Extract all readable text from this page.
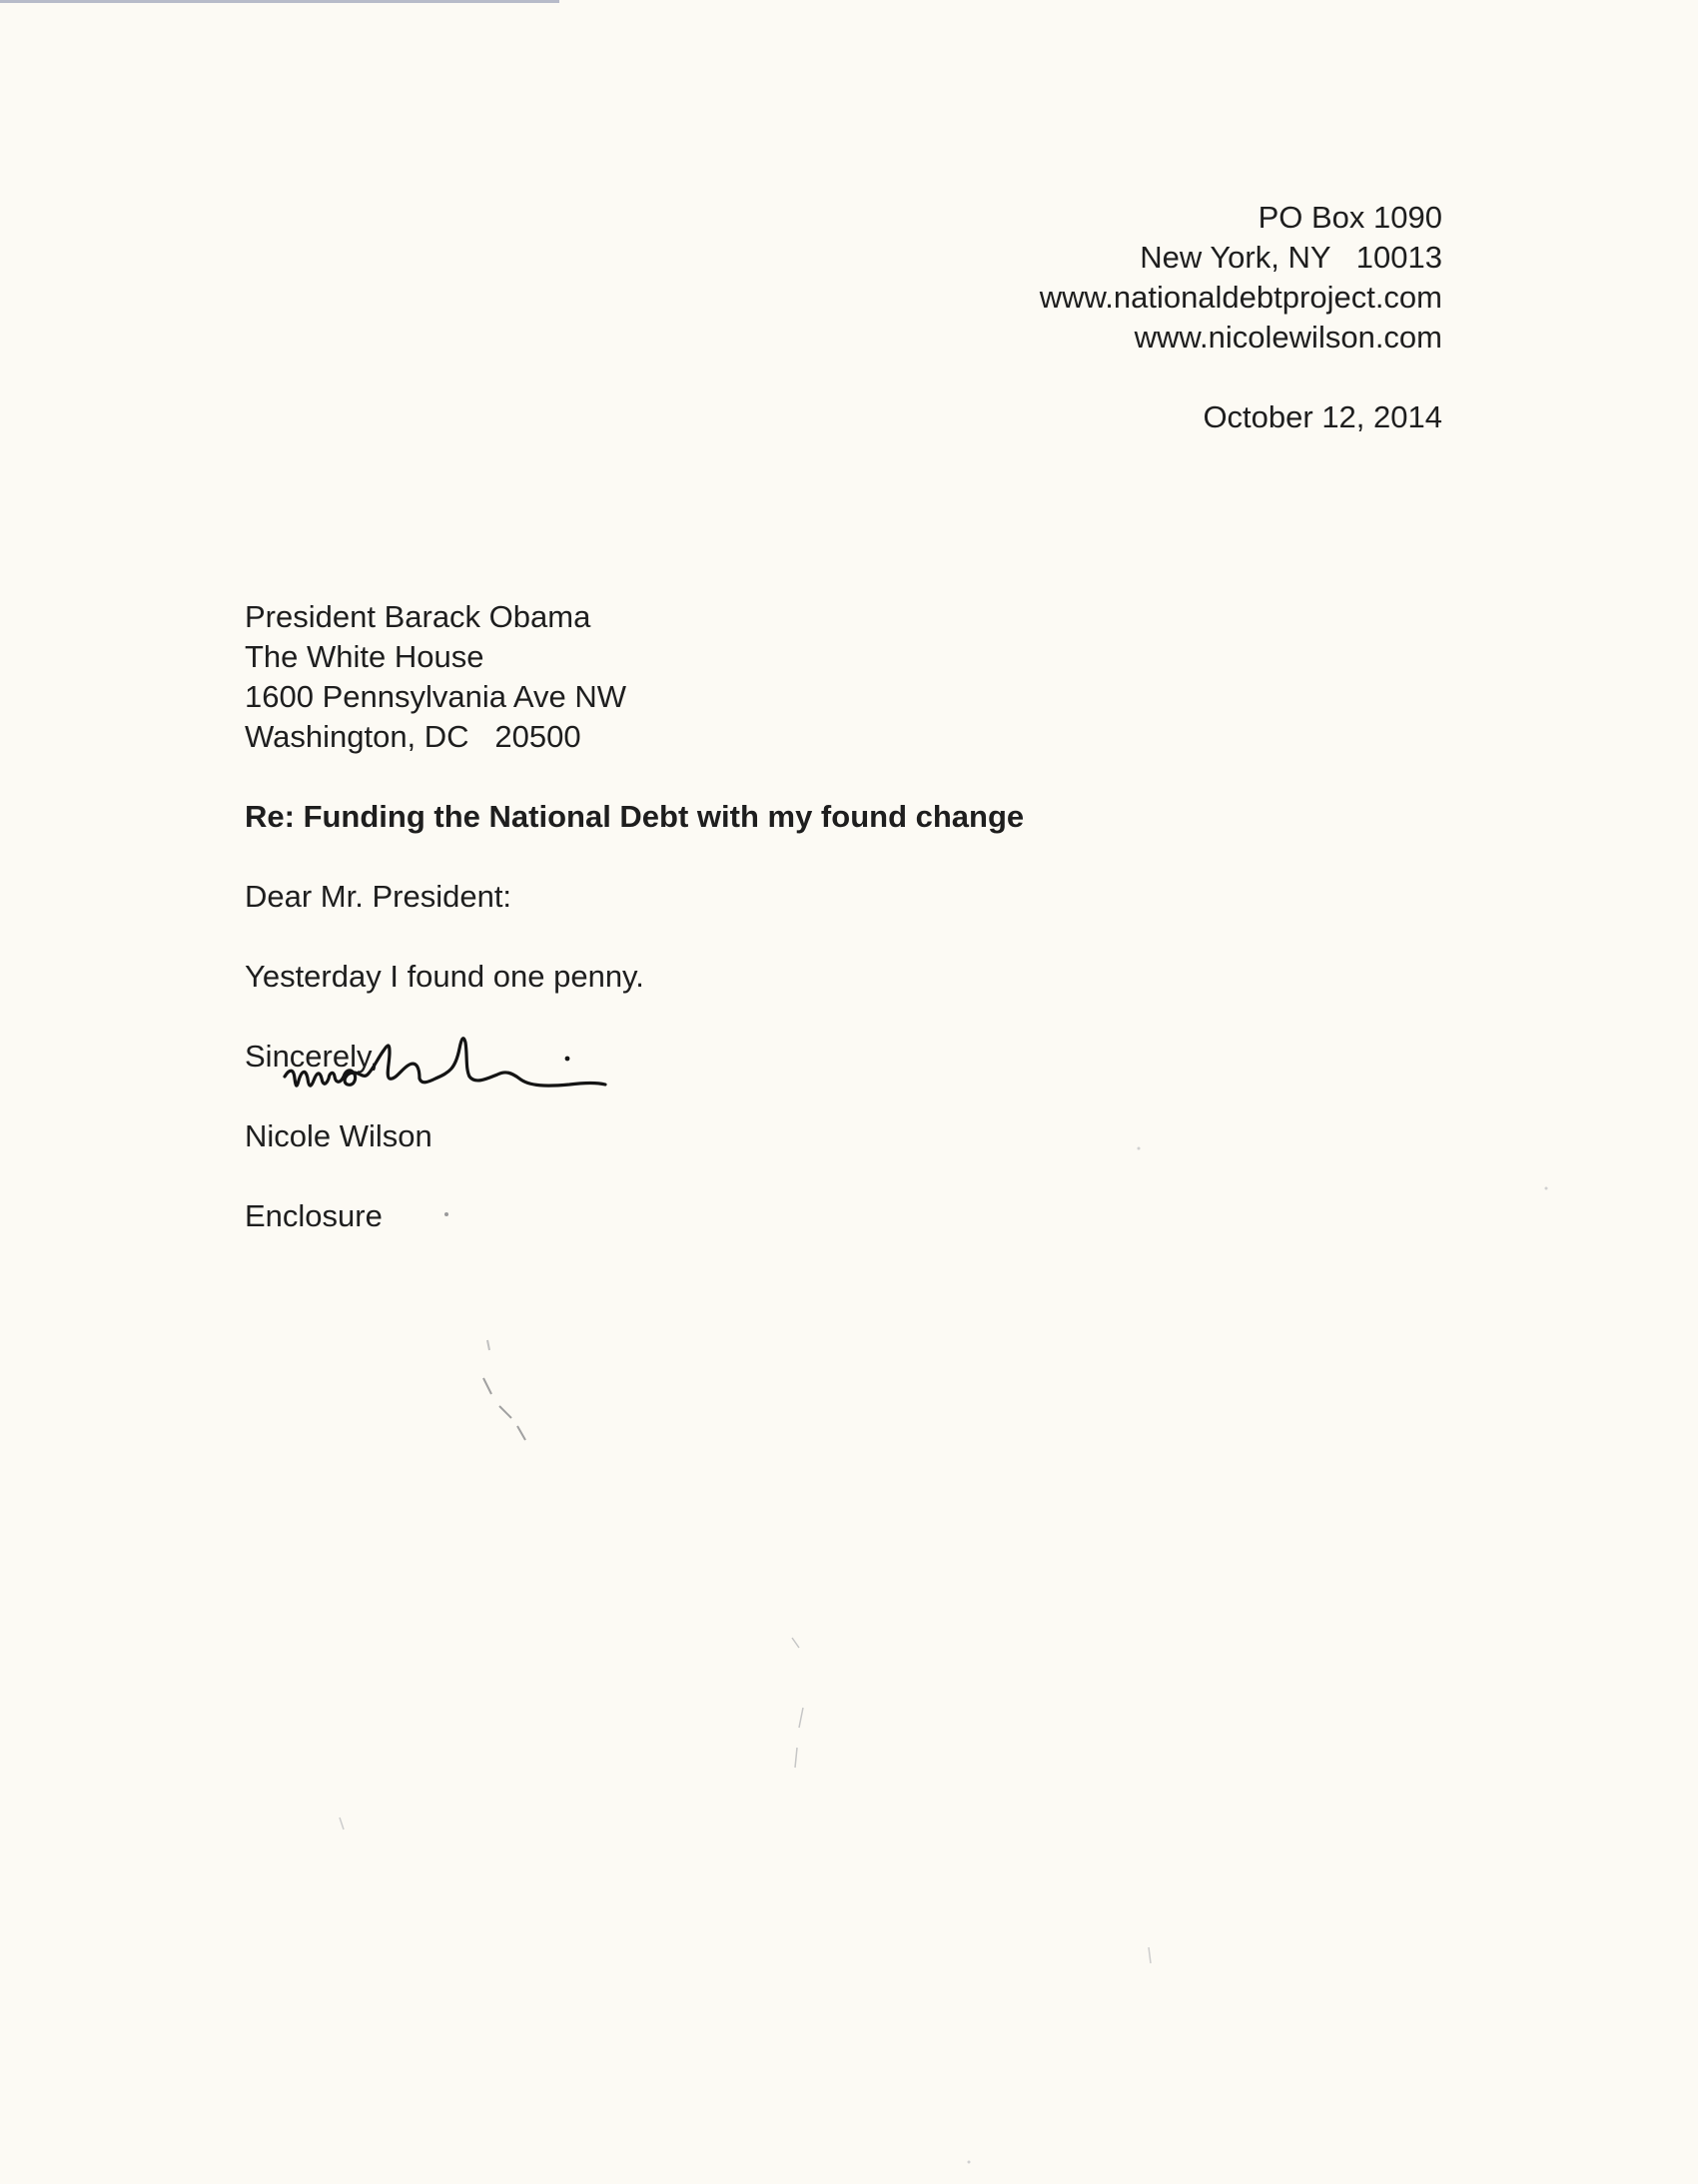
PO Box 1090
New York, NY   10013
www.nationaldebtproject.com
www.nicolewilson.com
October 12, 2014
President Barack Obama
The White House
1600 Pennsylvania Ave NW
Washington, DC   20500
Re: Funding the National Debt with my found change
Dear Mr. President:
Yesterday I found one penny.
Sincerely,
Nicole Wilson
Enclosure
